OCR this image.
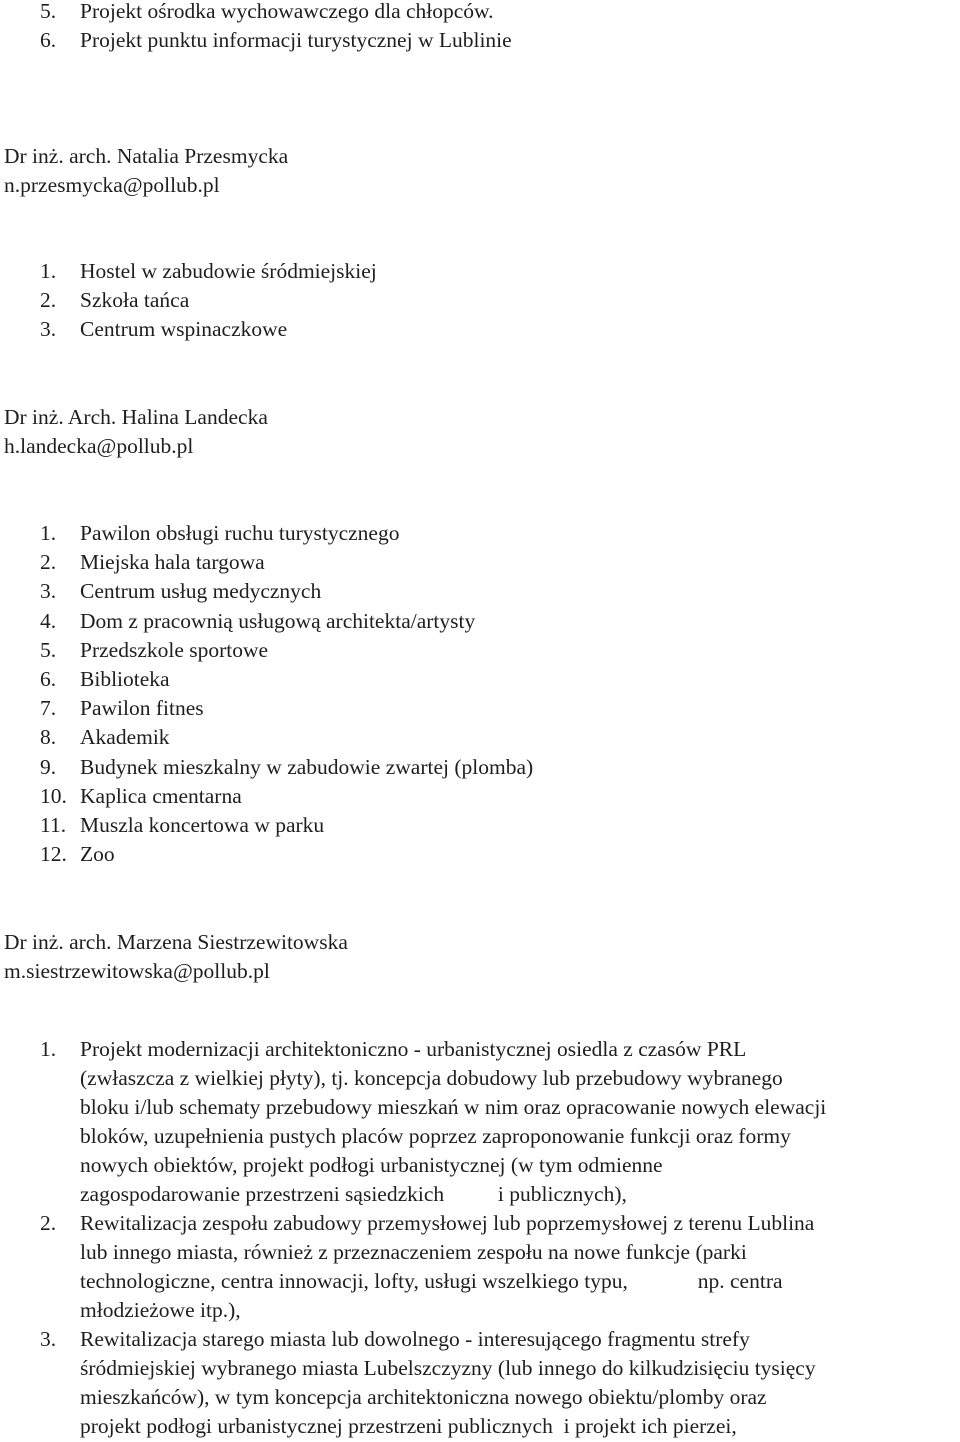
5. Projekt ośrodka wychowawczego dla chłopców.
6. Projekt punktu informacji turystycznej w Lublinie
Dr inż. arch. Natalia Przesmycka
n.przesmycka@pollub.pl
1. Hostel w zabudowie śródmiejskiej
2. Szkoła tańca
3. Centrum wspinaczkowe
Dr inż. Arch. Halina Landecka
h.landecka@pollub.pl
1. Pawilon obsługi ruchu turystycznego
2. Miejska hala targowa
3. Centrum usług medycznych
4. Dom z pracownią usługową architekta/artysty
5. Przedszkole sportowe
6. Biblioteka
7. Pawilon fitnes
8. Akademik
9. Budynek mieszkalny w zabudowie zwartej (plomba)
10. Kaplica cmentarna
11. Muszla koncertowa w parku
12. Zoo
Dr inż. arch. Marzena Siestrzewitowska
m.siestrzewitowska@pollub.pl
1. Projekt modernizacji architektoniczno - urbanistycznej osiedla z czasów PRL
(zwłaszcza z wielkiej płyty), tj. koncepcja dobudowy lub przebudowy wybranego
bloku i/lub schematy przebudowy mieszkań w nim oraz opracowanie nowych elewacji
bloków, uzupełnienia pustych placów poprzez zaproponowanie funkcji oraz formy
nowych obiektów, projekt podłogi urbanistycznej (w tym odmienne
zagospodarowanie przestrzeni sąsiedzkich          i publicznych),
2. Rewitalizacja zespołu zabudowy przemysłowej lub poprzemysłowej z terenu Lublina
lub innego miasta, również z przeznaczeniem zespołu na nowe funkcje (parki
technologiczne, centra innowacji, lofty, usługi wszelkiego typu,             np. centra
młodzieżowe itp.),
3. Rewitalizacja starego miasta lub dowolnego - interesującego fragmentu strefy
śródmiejskiej wybranego miasta Lubelszczyzny (lub innego do kilkudzisięciu tysięcy
mieszkańców), w tym koncepcja architektoniczna nowego obiektu/plomby oraz
projekt podłogi urbanistycznej przestrzeni publicznych  i projekt ich pierzei,
